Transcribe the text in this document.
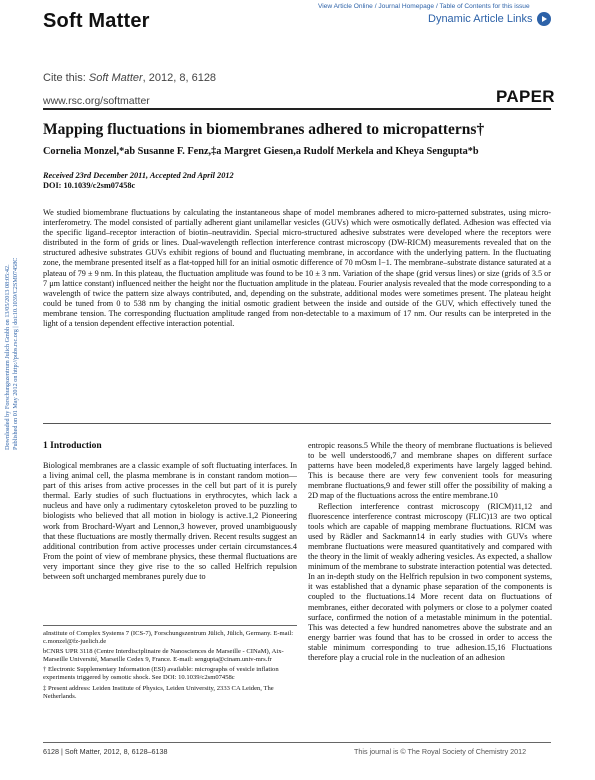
Soft Matter
View Article Online / Journal Homepage / Table of Contents for this issue
Dynamic Article Links
Downloaded by Forschungszentrum Julich Gmbh on 13/05/2013 08:05:42. Published on 01 May 2012 on http://pubs.rsc.org | doi:10.1039/C2SM07458C
Cite this: Soft Matter, 2012, 8, 6128
www.rsc.org/softmatter	PAPER
Mapping fluctuations in biomembranes adhered to micropatterns†
Cornelia Monzel,*ab Susanne F. Fenz,‡a Margret Giesen,a Rudolf Merkela and Kheya Senguptа*b
Received 23rd December 2011, Accepted 2nd April 2012
DOI: 10.1039/c2sm07458c
We studied biomembrane fluctuations by calculating the instantaneous shape of model membranes adhered to micro-patterned substrates, using micro-interferometry. The model consisted of partially adherent giant unilamellar vesicles (GUVs) which were osmotically deflated. Adhesion was effected via the specific ligand–receptor interaction of biotin–neutravidin. Special micro-structured adhesive substrates were developed where the receptors were distributed in the form of grids or lines. Dual-wavelength reflection interference contrast microscopy (DW-RICM) measurements revealed that on the structured adhesive substrates GUVs exhibit regions of bound and fluctuating membrane, in accordance with the underlying pattern. In the fluctuating zone, the membrane presented itself as a flat-topped hill for an initial osmotic difference of 70 mOsm l−1. The membrane–substrate distance saturated at a plateau of 79 ± 9 nm. In this plateau, the fluctuation amplitude was found to be 10 ± 3 nm. Variation of the shape (grid versus lines) or size (grids of 3.5 or 7 μm lattice constant) influenced neither the height nor the fluctuation amplitude in the plateau. Fourier analysis revealed that the mode corresponding to a wavelength of twice the pattern size always contributed, and, depending on the substrate, additional modes were sometimes present. The plateau height could be tuned from 0 to 538 nm by changing the initial osmotic gradient between the inside and outside of the GUV, which effectively tuned the membrane tension. The corresponding fluctuation amplitude ranged from non-detectable to a maximum of 17 nm. Our results can be interpreted in the light of a tension dependent effective interaction potential.
1 Introduction

Biological membranes are a classic example of soft fluctuating interfaces. In a living animal cell, the plasma membrane is in constant random motion—part of this arises from active processes in the cell but part of it is purely thermal. Early studies of such fluctuations in erythrocytes, which lack a nucleus and have only a rudimentary cytoskeleton proved to be puzzling to biologists who believed that all motion in biology is active.1,2 Pioneering work from Brochard-Wyart and Lennon,3 however, proved unambiguously that these fluctuations are mostly thermally driven. Recent results suggest an additional contribution from active processes under certain circumstances.4 From the point of view of membrane physics, these thermal fluctuations are very important since they give rise to the so called Helfrich repulsion between soft uncharged membranes purely due to

entropic reasons.5 While the theory of membrane fluctuations is believed to be well understood6,7 and membrane shapes on different surface patterns have been modeled,8 experiments have largely lagged behind. This is because there are very few convenient tools for measuring membrane fluctuations,9 and fewer still offer the possibility of making a 2D map of the fluctuations across the entire membrane.10

Reflection interference contrast microscopy (RICM)11,12 and fluorescence interference contrast microscopy (FLIC)13 are two optical tools which are capable of mapping membrane fluctuations. RICM was used by Rädler and Sackmann14 in early studies with GUVs where membrane fluctuations were measured quantitatively and compared with the theory in the limit of weakly adhering vesicles. As expected, a shallow minimum of the membrane to substrate interaction potential was detected. In an in-depth study on the Helfrich repulsion in two component systems, it was established that a dynamic phase separation of the components is coupled to the fluctuations.14 More recent data on fluctuations of membranes, either decorated with polymers or close to a polymer coated surface, confirmed the notion of a metastable minimum in the potential. This was detected a few hundred nanometres above the substrate and an energy barrier was found that has to be crossed in order to access the stable minimum corresponding to true adhesion.15,16 Fluctuations therefore play a crucial role in the nucleation of an adhesion

aInstitute of Complex Systems 7 (ICS-7), Forschungszentrum Jülich, Jülich, Germany. E-mail: c.monzel@fz-juelich.de

bCNRS UPR 3118 (Centre Interdisciplinaire de Nanosciences de Marseille - CINaM), Aix-Marseille Université, Marseille Cedex 9, France. E-mail: sengupta@cinam.univ-mrs.fr

† Electronic Supplementary Information (ESI) available: micrographs of vesicle inflation experiments triggered by osmotic shock. See DOI: 10.1039/c2sm07458c

‡ Present address: Leiden Institute of Physics, Leiden University, 2333 CA Leiden, The Netherlands.

6128 | Soft Matter, 2012, 8, 6128–6138	This journal is © The Royal Society of Chemistry 2012
